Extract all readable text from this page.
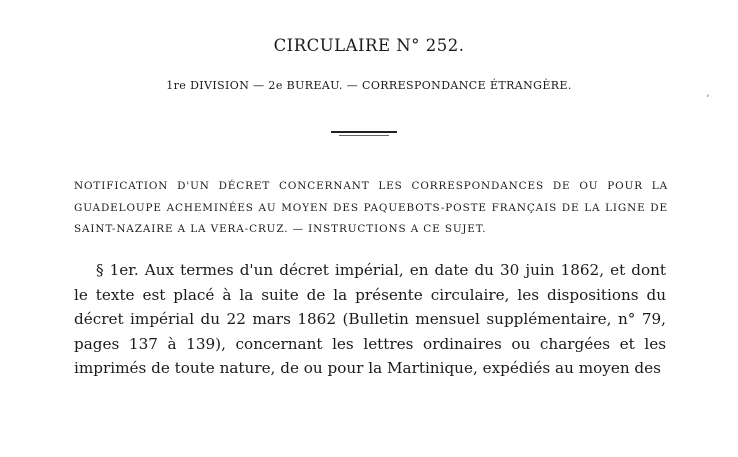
CIRCULAIRE N° 252.
1re DIVISION — 2e BUREAU. — CORRESPONDANCE ÉTRANGÈRE.
NOTIFICATION D'UN DÉCRET CONCERNANT LES CORRESPONDANCES DE OU POUR LA GUADELOUPE ACHEMINÉES AU MOYEN DES PAQUEBOTS-POSTE FRANÇAIS DE LA LIGNE DE SAINT-NAZAIRE A LA VERA-CRUZ. — INSTRUCTIONS A CE SUJET.
§ 1er. Aux termes d'un décret impérial, en date du 30 juin 1862, et dont le texte est placé à la suite de la présente circulaire, les dispositions du décret impérial du 22 mars 1862 (Bulletin mensuel supplémentaire, n° 79, pages 137 à 139), concernant les lettres ordinaires ou chargées et les imprimés de toute nature, de ou pour la Martinique, expédiés au moyen des
ʼ
